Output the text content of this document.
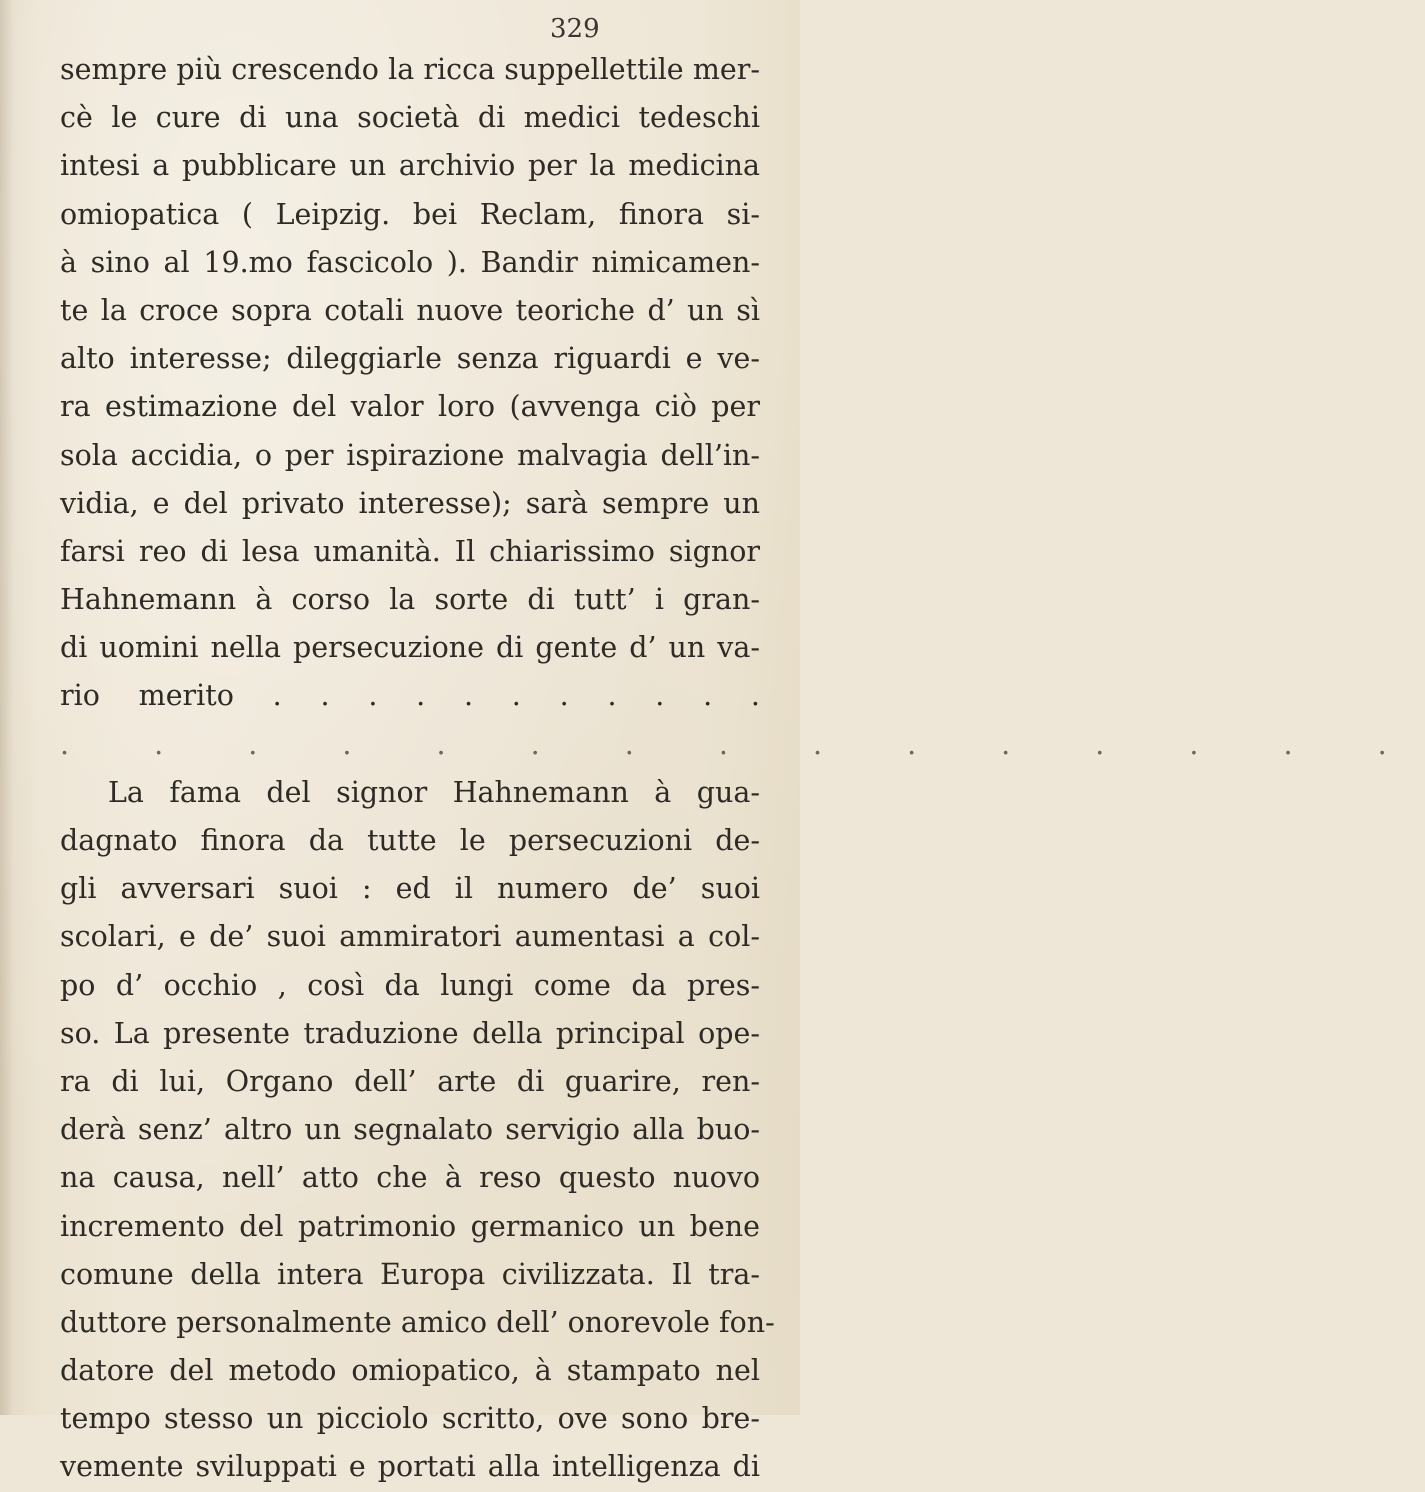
329
sempre più crescendo la ricca suppellettile mer-
cè le cure di una società di medici tedeschi
intesi a pubblicare un archivio per la medicina
omiopatica ( Leipzig. bei Reclam, finora si-
à sino al 19.mo fascicolo ). Bandir nimicamen-
te la croce sopra cotali nuove teoriche d’ un sì
alto interesse; dileggiarle senza riguardi e ve-
ra estimazione del valor loro (avvenga ciò per
sola accidia, o per ispirazione malvagia dell’in-
vidia, e del privato interesse); sarà sempre un
farsi reo di lesa umanità. Il chiarissimo signor
Hahnemann à corso la sorte di tutt’ i gran-
di uomini nella persecuzione di gente d’ un va-
rio merito . . . . . . . . . . .
. . . . . . . . . . . . . . .
La fama del signor Hahnemann à gua-
dagnato finora da tutte le persecuzioni de-
gli avversari suoi : ed il numero de’ suoi
scolari, e de’ suoi ammiratori aumentasi a col-
po d’ occhio , così da lungi come da pres-
so. La presente traduzione della principal ope-
ra di lui, Organo dell’ arte di guarire, ren-
derà senz’ altro un segnalato servigio alla buo-
na causa, nell’ atto che à reso questo nuovo
incremento del patrimonio germanico un bene
comune della intera Europa civilizzata. Il tra-
duttore personalmente amico dell’ onorevole fon-
datore del metodo omiopatico, à stampato nel
tempo stesso un picciolo scritto, ove sono bre-
vemente sviluppati e portati alla intelligenza di
